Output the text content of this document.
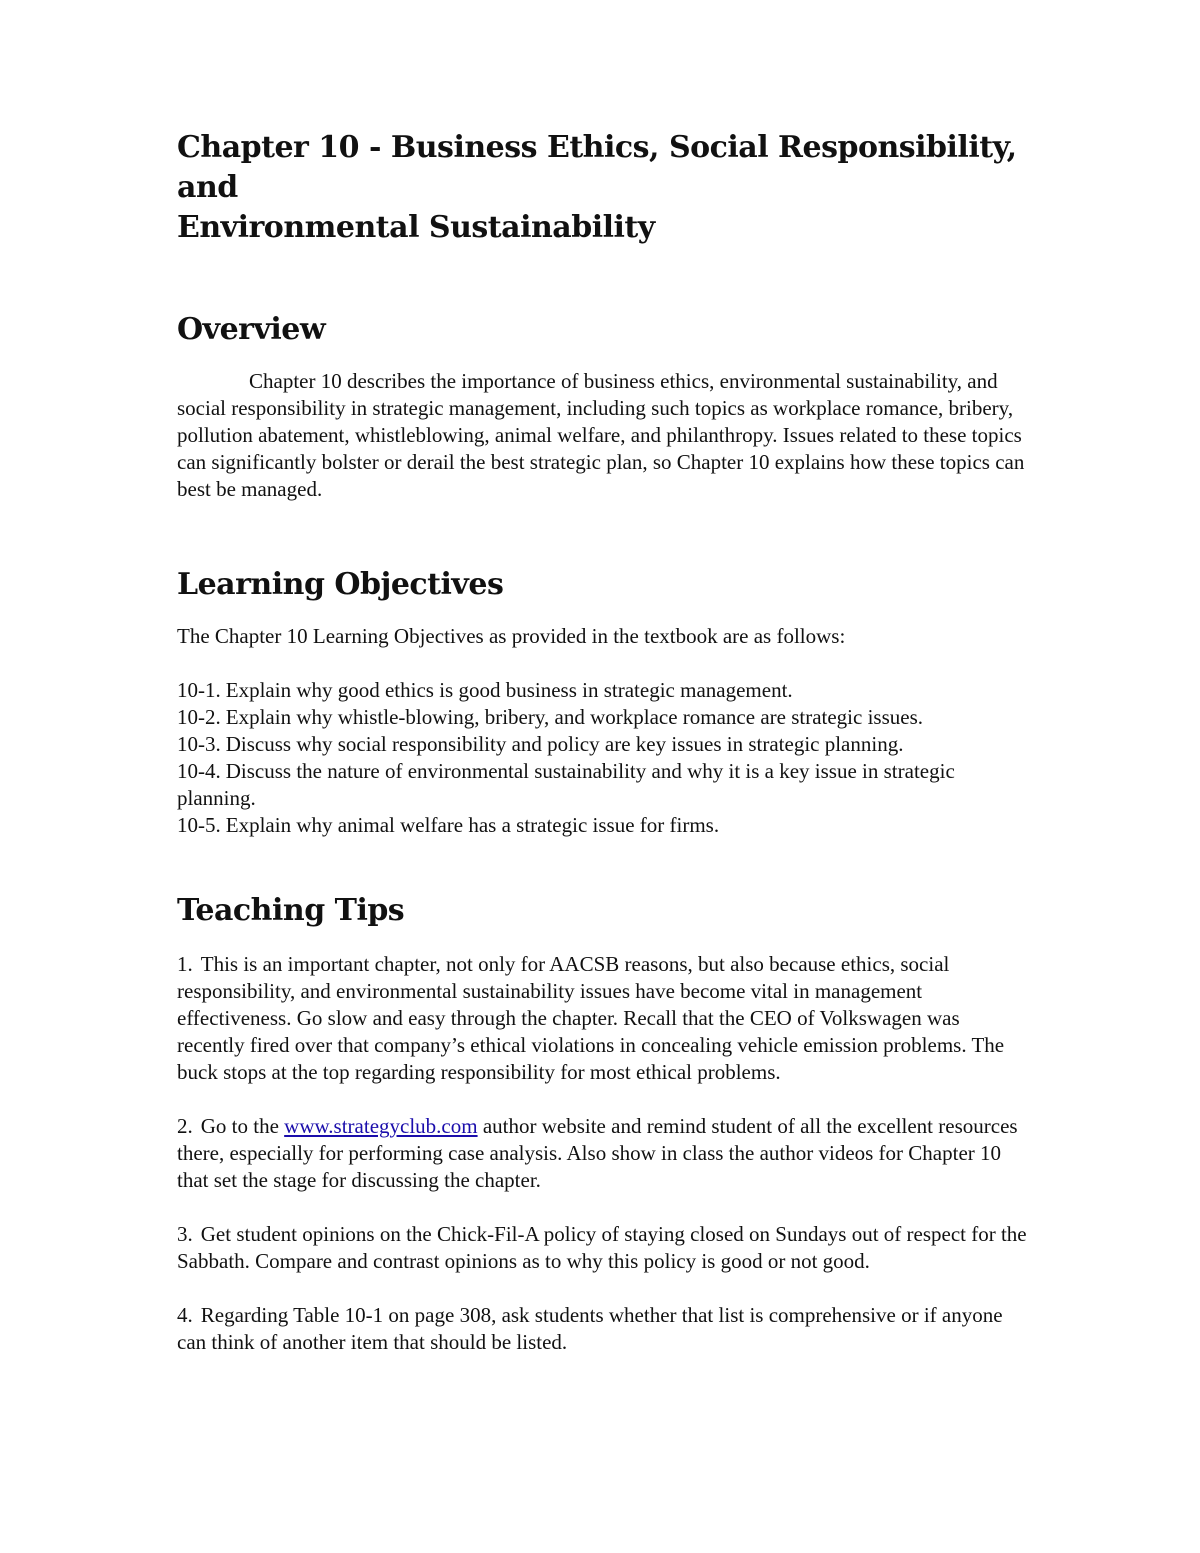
Chapter 10 - Business Ethics, Social Responsibility, and
Environmental Sustainability
Overview

Chapter 10 describes the importance of business ethics, environmental sustainability, and social responsibility in strategic management, including such topics as workplace romance, bribery, pollution abatement, whistleblowing, animal welfare, and philanthropy. Issues related to these topics can significantly bolster or derail the best strategic plan, so Chapter 10 explains how these topics can best be managed.

Learning Objectives

The Chapter 10 Learning Objectives as provided in the textbook are as follows:

10-1. Explain why good ethics is good business in strategic management.
10-2. Explain why whistle-blowing, bribery, and workplace romance are strategic issues.
10-3. Discuss why social responsibility and policy are key issues in strategic planning.
10-4. Discuss the nature of environmental sustainability and why it is a key issue in strategic planning.
10-5. Explain why animal welfare has a strategic issue for firms.
Teaching Tips

1. This is an important chapter, not only for AACSB reasons, but also because ethics, social responsibility, and environmental sustainability issues have become vital in management effectiveness. Go slow and easy through the chapter. Recall that the CEO of Volkswagen was recently fired over that company’s ethical violations in concealing vehicle emission problems. The buck stops at the top regarding responsibility for most ethical problems.

2. Go to the www.strategyclub.com author website and remind student of all the excellent resources there, especially for performing case analysis. Also show in class the author videos for Chapter 10 that set the stage for discussing the chapter.

3. Get student opinions on the Chick-Fil-A policy of staying closed on Sundays out of respect for the Sabbath. Compare and contrast opinions as to why this policy is good or not good.

4. Regarding Table 10-1 on page 308, ask students whether that list is comprehensive or if anyone can think of another item that should be listed.
